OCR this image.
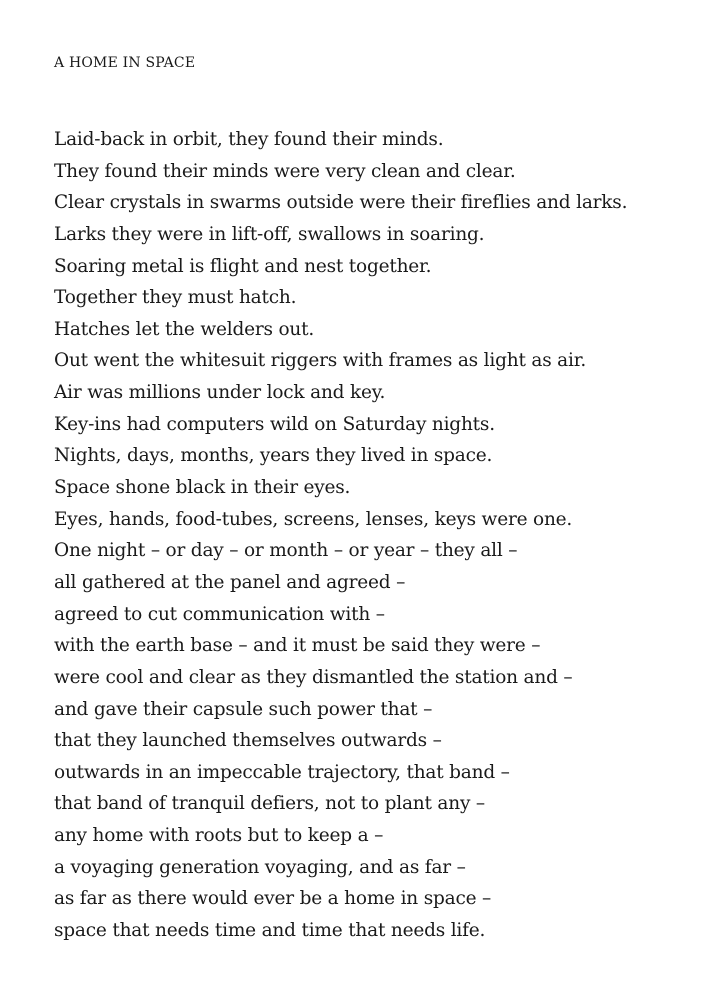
A HOME IN SPACE
Laid-back in orbit, they found their minds.
They found their minds were very clean and clear.
Clear crystals in swarms outside were their fireflies and larks.
Larks they were in lift-off, swallows in soaring.
Soaring metal is flight and nest together.
Together they must hatch.
Hatches let the welders out.
Out went the whitesuit riggers with frames as light as air.
Air was millions under lock and key.
Key-ins had computers wild on Saturday nights.
Nights, days, months, years they lived in space.
Space shone black in their eyes.
Eyes, hands, food-tubes, screens, lenses, keys were one.
One night – or day – or month – or year – they all –
all gathered at the panel and agreed –
agreed to cut communication with –
with the earth base – and it must be said they were –
were cool and clear as they dismantled the station and –
and gave their capsule such power that –
that they launched themselves outwards –
outwards in an impeccable trajectory, that band –
that band of tranquil defiers, not to plant any –
any home with roots but to keep a –
a voyaging generation voyaging, and as far –
as far as there would ever be a home in space –
space that needs time and time that needs life.
